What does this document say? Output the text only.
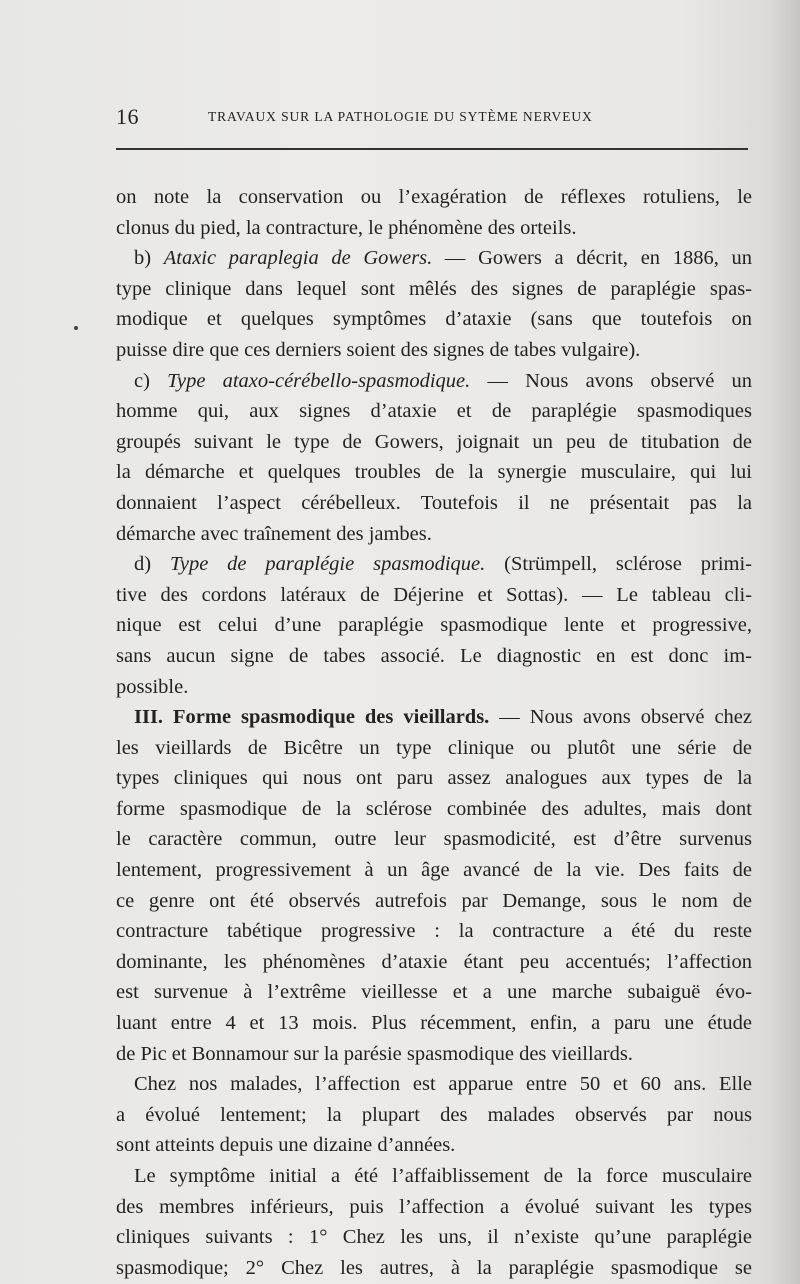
16	TRAVAUX SUR LA PATHOLOGIE DU SYTÈME NERVEUX
on note la conservation ou l’exagération de réflexes rotuliens, le
clonus du pied, la contracture, le phénomène des orteils.
b) Ataxic paraplegia de Gowers. — Gowers a décrit, en 1886, un
type clinique dans lequel sont mêlés des signes de paraplégie spas-
modique et quelques symptômes d’ataxie (sans que toutefois on
puisse dire que ces derniers soient des signes de tabes vulgaire).
c) Type ataxo-cérébello-spasmodique. — Nous avons observé un
homme qui, aux signes d’ataxie et de paraplégie spasmodiques
groupés suivant le type de Gowers, joignait un peu de titubation de
la démarche et quelques troubles de la synergie musculaire, qui lui
donnaient l’aspect cérébelleux. Toutefois il ne présentait pas la
démarche avec traînement des jambes.
d) Type de paraplégie spasmodique. (Strümpell, sclérose primi-
tive des cordons latéraux de Déjerine et Sottas). — Le tableau cli-
nique est celui d’une paraplégie spasmodique lente et progressive,
sans aucun signe de tabes associé. Le diagnostic en est donc im-
possible.
III. Forme spasmodique des vieillards. — Nous avons observé chez
les vieillards de Bicêtre un type clinique ou plutôt une série de
types cliniques qui nous ont paru assez analogues aux types de la
forme spasmodique de la sclérose combinée des adultes, mais dont
le caractère commun, outre leur spasmodicité, est d’être survenus
lentement, progressivement à un âge avancé de la vie. Des faits de
ce genre ont été observés autrefois par Demange, sous le nom de
contracture tabétique progressive : la contracture a été du reste
dominante, les phénomènes d’ataxie étant peu accentués; l’affection
est survenue à l’extrême vieillesse et a une marche subaiguë évo-
luant entre 4 et 13 mois. Plus récemment, enfin, a paru une étude
de Pic et Bonnamour sur la parésie spasmodique des vieillards.
Chez nos malades, l’affection est apparue entre 50 et 60 ans. Elle
a évolué lentement; la plupart des malades observés par nous
sont atteints depuis une dizaine d’années.
Le symptôme initial a été l’affaiblissement de la force musculaire
des membres inférieurs, puis l’affection a évolué suivant les types
cliniques suivants : 1° Chez les uns, il n’existe qu’une paraplégie
spasmodique; 2° Chez les autres, à la paraplégie spasmodique se
